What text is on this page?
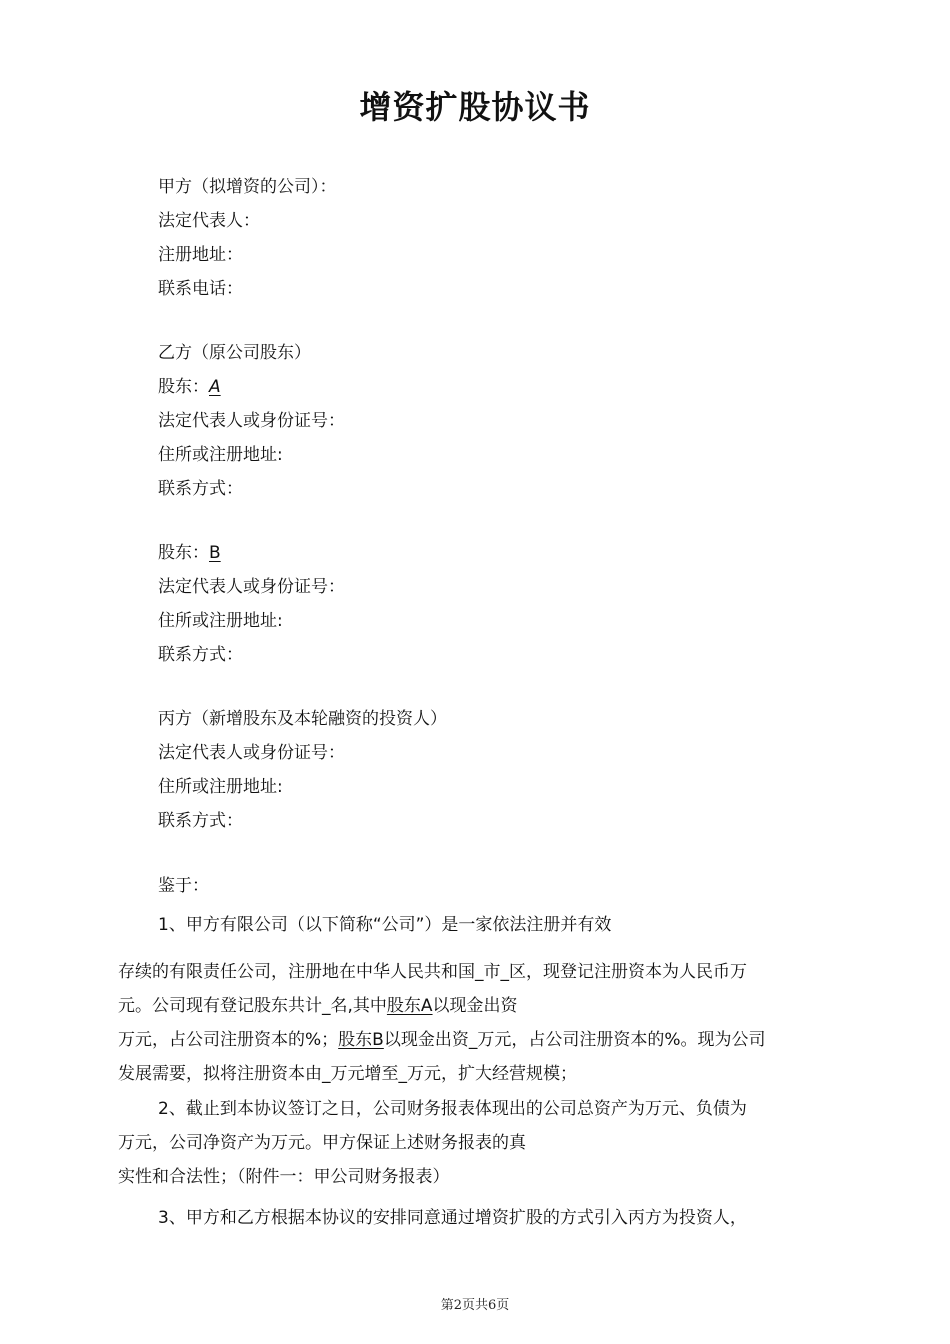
增资扩股协议书
甲方（拟增资的公司）：
法定代表人：
注册地址：
联系电话：
乙方（原公司股东）
股东：A
法定代表人或身份证号：
住所或注册地址:
联系方式：
股东：B
法定代表人或身份证号：
住所或注册地址:
联系方式：
丙方（新增股东及本轮融资的投资人）
法定代表人或身份证号：
住所或注册地址:
联系方式：
鉴于：
1、甲方有限公司（以下简称“公司”）是一家依法注册并有效
存续的有限责任公司，注册地在中华人民共和国_市_区，现登记注册资本为人民币万
元。公司现有登记股东共计_名,其中股东A以现金出资
万元，占公司注册资本的%；股东B以现金出资_万元，占公司注册资本的%。现为公司
发展需要，拟将注册资本由_万元增至_万元，扩大经营规模；
2、截止到本协议签订之日，公司财务报表体现出的公司总资产为万元、负债为
万元，公司净资产为万元。甲方保证上述财务报表的真
实性和合法性；（附件一：甲公司财务报表）
3、甲方和乙方根据本协议的安排同意通过增资扩股的方式引入丙方为投资人，
第2页共6页
